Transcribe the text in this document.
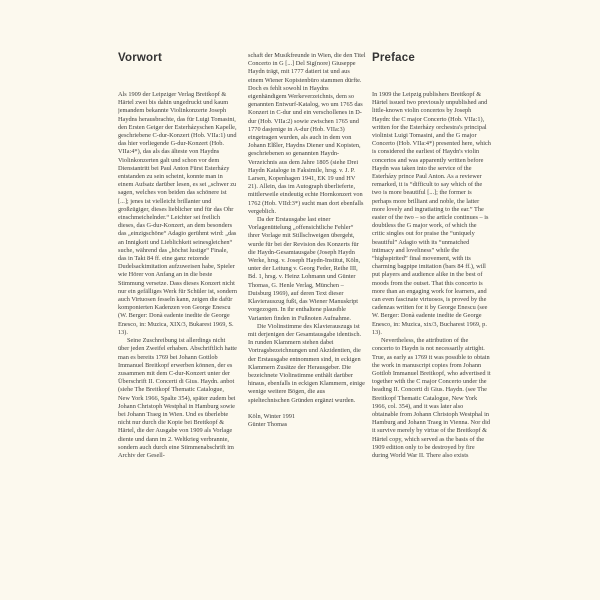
Vorwort

Als 1909 der Leipziger Verlag Breitkopf & Härtel zwei bis dahin ungedruckt und kaum jemandem bekannte Violinkonzerte Joseph Haydns herausbrachte, das für Luigi Tomasini, den Ersten Geiger der Esterházyschen Kapelle, geschriebene C-dur-Konzert (Hob. VIIa:1) und das hier vorliegende G-dur-Konzert (Hob. VIIa:4*), das als das älteste von Haydns Violinkonzerten galt und schon vor dem Dienstantritt bei Paul Anton Fürst Esterházy entstanden zu sein scheint, konnte man in einem Aufsatz darüber lesen, es sei „schwer zu sagen, welches von beiden das schönere ist [...]; jenes ist vielleicht brillanter und großzügiger, dieses lieblicher und für das Ohr einschmeichelnder.“ Leichter sei freilich dieses, das G-dur-Konzert, an dem besonders das „einzigschöne“ Adagio gerühmt wird: „das an Innigkeit und Lieblichkeit seinesgleichen“ suche, während das „höchst lustige“ Finale, das in Takt 84 ff. eine ganz reizende Dudelsackimitation aufzuweisen habe, Spieler wie Hörer von Anfang an in die beste Stimmung versetze. Dass dieses Konzert nicht nur ein gefälliges Werk für Schüler ist, sondern auch Virtuosen fesseln kann, zeigen die dafür komponierten Kadenzen von George Enescu (W. Berger: Donà eadente inedite de George Enesco, in: Muzica, XIX/3, Bukarest 1969, S. 13).

Seine Zuschreibung ist allerdings nicht über jeden Zweifel erhaben. Abschriftlich hatte man es bereits 1769 bei Johann Gottlob Immanuel Breitkopf erwerben können, der es zusammen mit dem C-dur-Konzert unter der Überschrift II. Concerti di Gius. Haydn. anbot (siehe The Breitkopf Thematic Catalogue, New York 1966, Spalte 354), später zudem bei Johann Christoph Westphal in Hamburg sowie bei Johann Traeg in Wien. Und es überlebte nicht nur durch die Kopie bei Breitkopf & Härtel, die der Ausgabe von 1909 als Vorlage diente und dann im 2. Weltkrieg verbrannte, sondern auch durch eine Stimmenabschrift im Archiv der Gesell-

schaft der Musikfreunde in Wien, die den Titel Concerto in G [...] Del Sig(nore) Giuseppe Haydn trägt, mit 1777 datiert ist und aus einem Wiener Kopistenbüro stammen dürfte. Doch es fehlt sowohl in Haydns eigenhändigem Werkeverzeichnis, dem so genannten Entwurf-Katalog, wo um 1765 das Konzert in C-dur und ein verschollenes in D-dur (Hob. VIIa:2) sowie zwischen 1765 und 1770 dasjenige in A-dur (Hob. VIIa:3) eingetragen wurden, als auch in dem von Johann Elßler, Haydns Diener und Kopisten, geschriebenen so genannten Haydn-Verzeichnis aus dem Jahre 1805 (siehe Drei Haydn Kataloge in Faksimile, hrsg. v. J. P. Larsen, Kopenhagen 1941, EK 19 und HV 21). Allein, das im Autograph überlieferte, mittlerweile eindeutig echte Hornkonzert von 1762 (Hob. VIId:3*) sucht man dort ebenfalls vergeblich.

Da der Erstausgabe last einer Vorlagenüttelung „offensichtliche Fehler“ ihrer Vorlage mit Stillschweigen übergeht, wurde für bei der Revision des Konzerts für die Haydn-Gesamtausgabe (Joseph Haydn Werke, hrsg. v. Joseph Haydn-Institut, Köln, unter der Leitung v. Georg Feder, Reihe III, Bd. 1, hrsg. v. Heinz Lohmann und Günter Thomas, G. Henle Verlag, München – Duisburg 1969), auf deren Text dieser Klavierauszug fußt, das Wiener Manuskript vorgezogen. In ihr enthaltene plausible Varianten finden in Fußnoten Aufnahme.

Die Violinstimme des Klavierauszugs ist mit derjenigen der Gesamtausgabe identisch. In runden Klammern stehen dabei Vortragsbezeichnungen und Akzidentien, die der Erstausgabe entnommen sind, in eckigen Klammern Zusätze der Herausgeber. Die bezeichnete Violinstimme enthält darüber hinaus, ebenfalls in eckigen Klammern, einige wenige weitere Bögen, die aus spieltechnischen Gründen ergänzt wurden.

Köln, Winter 1991
Günter Thomas
Preface

In 1909 the Leipzig publishers Breitkopf & Härtel issued two previously unpublished and little-known violin concertos by Joseph Haydn: the C major Concerto (Hob. VIIa:1), written for the Esterházy orchestra's principal violinist Luigi Tomasini, and the G major Concerto (Hob. VIIa:4*) presented here, which is considered the earliest of Haydn's violin concertos and was apparently written before Haydn was taken into the service of the Esterházy prince Paul Anton. As a reviewer remarked, it is “difficult to say which of the two is more beautiful [...]; the former is perhaps more brilliant and noble, the latter more lovely and ingratiating to the ear.” The easier of the two – so the article continues – is doubtless the G major work, of which the critic singles out for praise the “uniquely beautiful” Adagio with its “unmatched intimacy and loveliness” while the “highspirited” final movement, with its charming bagpipe imitation (bars 84 ff.), will put players and audience alike in the best of moods from the outset. That this concerto is more than an engaging work for learners, and can even fascinate virtuosos, is proved by the cadenzas written for it by George Enescu (see W. Berger: Donà eadente inedite de George Enesco, in: Muzica, xix/3, Bucharest 1969, p. 13).

Nevertheless, the attribution of the concerto to Haydn is not necessarily airtight. True, as early as 1769 it was possible to obtain the work in manuscript copies from Johann Gottlob Immanuel Breitkopf, who advertised it together with the C major Concerto under the heading II. Concerti di Gius. Haydn. (see The Breitkopf Thematic Catalogue, New York 1966, col. 354), and it was later also obtainable from Johann Christoph Westphal in Hamburg and Johann Traeg in Vienna. Nor did it survive merely by virtue of the Breitkopf & Härtel copy, which served as the basis of the 1909 edition only to be destroyed by fire during World War II. There also exists
